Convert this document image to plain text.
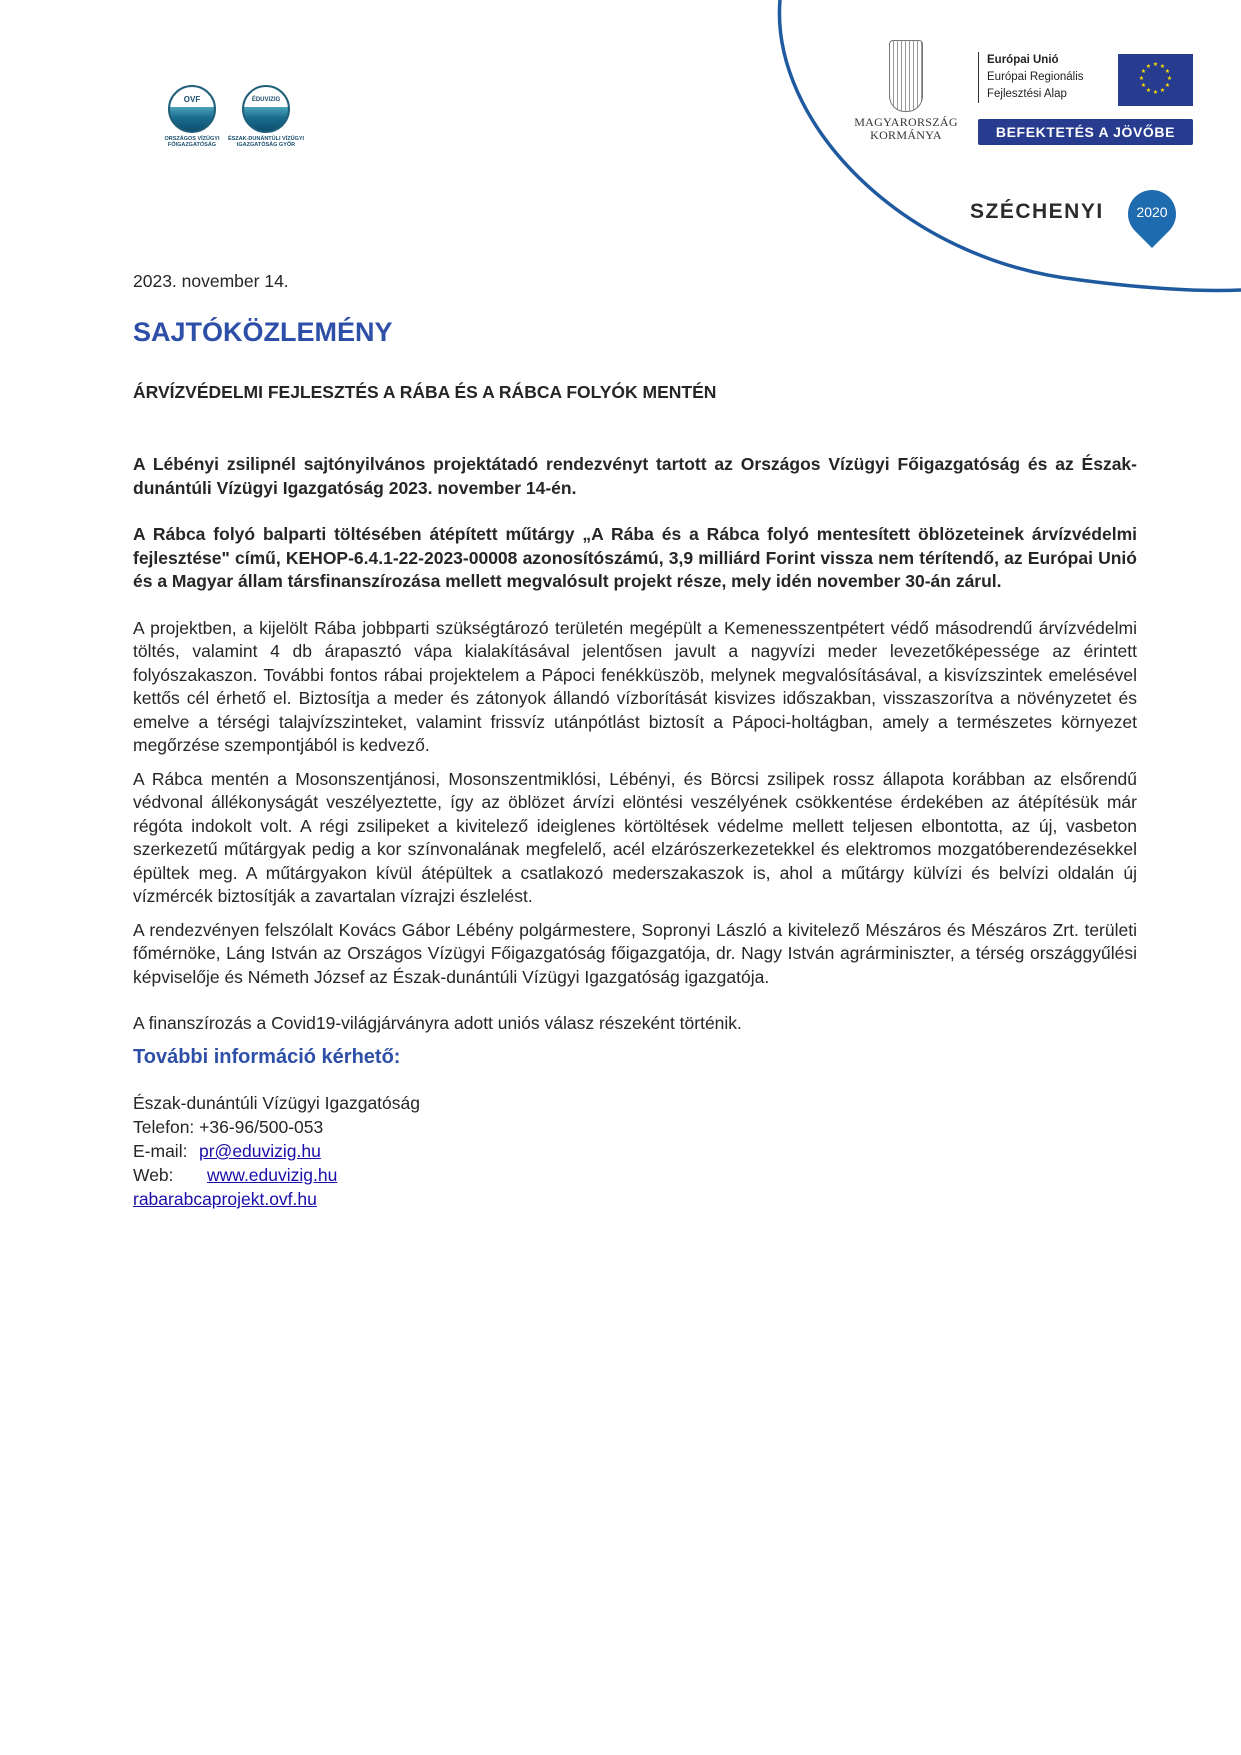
OVF
ORSZÁGOS VÍZÜGYI FŐIGAZGATÓSÁG
ÉDUVIZIG
ÉSZAK-DUNÁNTÚLI VÍZÜGYI IGAZGATÓSÁG GYŐR
MAGYARORSZÁG
KORMÁNYA
Európai Unió
Európai Regionális
Fejlesztési Alap
★ ★
★
★
★
★
★
★
★
★
★
★
BEFEKTETÉS A JÖVŐBE
SZÉCHENYI	2020
2023. november 14.
SAJTÓKÖZLEMÉNY
ÁRVÍZVÉDELMI FEJLESZTÉS A RÁBA ÉS A RÁBCA FOLYÓK MENTÉN

A Lébényi zsilipnél sajtónyilvános projektátadó rendezvényt tartott az Országos Vízügyi Főigazgatóság és az Észak-dunántúli Vízügyi Igazgatóság 2023. november 14-én.

A Rábca folyó balparti töltésében átépített műtárgy „A Rába és a Rábca folyó mentesített öblözeteinek árvízvédelmi fejlesztése" című, KEHOP-6.4.1-22-2023-00008 azonosítószámú, 3,9 milliárd Forint vissza nem térítendő, az Európai Unió és a Magyar állam társfinanszírozása mellett megvalósult projekt része, mely idén november 30-án zárul.

A projektben, a kijelölt Rába jobbparti szükségtározó területén megépült a Kemenesszentpétert védő másodrendű árvízvédelmi töltés, valamint 4 db árapasztó vápa kialakításával jelentősen javult a nagyvízi meder levezetőképessége az érintett folyószakaszon. További fontos rábai projektelem a Pápoci fenékküszöb, melynek megvalósításával, a kisvízszintek emelésével kettős cél érhető el. Biztosítja a meder és zátonyok állandó vízborítását kisvizes időszakban, visszaszorítva a növényzetet és emelve a térségi talajvízszinteket, valamint frissvíz utánpótlást biztosít a Pápoci-holtágban, amely a természetes környezet megőrzése szempontjából is kedvező.

A Rábca mentén a Mosonszentjánosi, Mosonszentmiklósi, Lébényi, és Börcsi zsilipek rossz állapota korábban az elsőrendű védvonal állékonyságát veszélyeztette, így az öblözet árvízi elöntési veszélyének csökkentése érdekében az átépítésük már régóta indokolt volt. A régi zsilipeket a kivitelező ideiglenes körtöltések védelme mellett teljesen elbontotta, az új, vasbeton szerkezetű műtárgyak pedig a kor színvonalának megfelelő, acél elzárószerkezetekkel és elektromos mozgatóberendezésekkel épültek meg. A műtárgyakon kívül átépültek a csatlakozó mederszakaszok is, ahol a műtárgy külvízi és belvízi oldalán új vízmércék biztosítják a zavartalan vízrajzi észlelést.

A rendezvényen felszólalt Kovács Gábor Lébény polgármestere, Sopronyi László a kivitelező Mészáros és Mészáros Zrt. területi főmérnöke, Láng István az Országos Vízügyi Főigazgatóság főigazgatója, dr. Nagy István agrárminiszter, a térség országgyűlési képviselője és Németh József az Észak-dunántúli Vízügyi Igazgatóság igazgatója.

A finanszírozás a Covid19-világjárványra adott uniós válasz részeként történik.

További információ kérhető:
Észak-dunántúli Vízügyi Igazgatóság
Telefon: +36-96/500-053
E-mail: pr@eduvizig.hu
Web: www.eduvizig.hu
rabarabcaprojekt.ovf.hu
